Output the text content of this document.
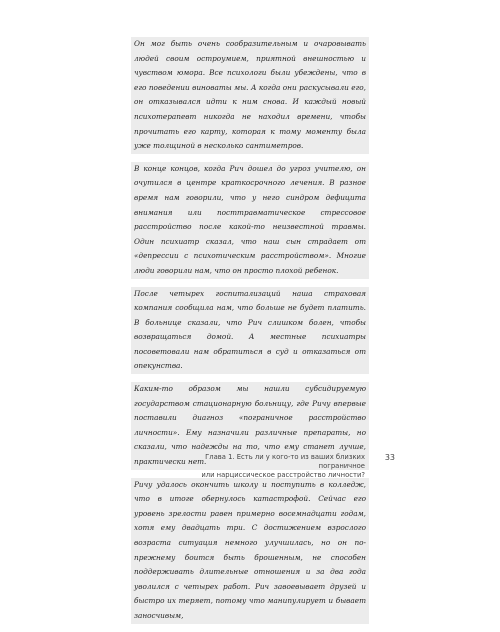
Он мог быть очень сообразительным и очаровывать людей своим остроумием, приятной внешностью и чувством юмора. Все психологи были убеждены, что в его поведении виноваты мы. А когда они раскусывали его, он отказывался идти к ним снова. И каждый новый психотерапевт никогда не находил времени, чтобы прочитать его карту, которая к тому моменту была уже толщиной в несколько сантиметров.

В конце концов, когда Рич дошел до угроз учителю, он очутился в центре краткосрочного лечения. В разное время нам говорили, что у него синдром дефицита внимания или посттравматическое стрессовое расстройство после какой-то неизвестной травмы. Один психиатр сказал, что наш сын страдает от «депрессии с психотическим расстройством». Многие люди говорили нам, что он просто плохой ребенок.

После четырех госпитализаций наша страховая компания сообщила нам, что больше не будет платить. В больнице сказали, что Рич слишком болен, чтобы возвращаться домой. А местные психиатры посоветовали нам обратиться в суд и отказаться от опекунства.

Каким-то образом мы нашли субсидируемую государством стационарную больницу, где Ричу впервые поставили диагноз «пограничное расстройство личности». Ему назначили различные препараты, но сказали, что надежды на то, что ему станет лучше, практически нет.

Ричу удалось окончить школу и поступить в колледж, что в итоге обернулось катастрофой. Сейчас его уровень зрелости равен примерно восемнадцати годам, хотя ему двадцать три. С достижением взрослого возраста ситуация немного улучшилась, но он по-прежнему боится быть брошенным, не способен поддерживать длительные отношения и за два года уволился с четырех работ. Рич завоевывает друзей и быстро их теряет, потому что манипулирует и бывает заносчивым,

Глава 1. Есть ли у кого-то из ваших близких пограничное
или нарциссическое расстройство личности?
33
